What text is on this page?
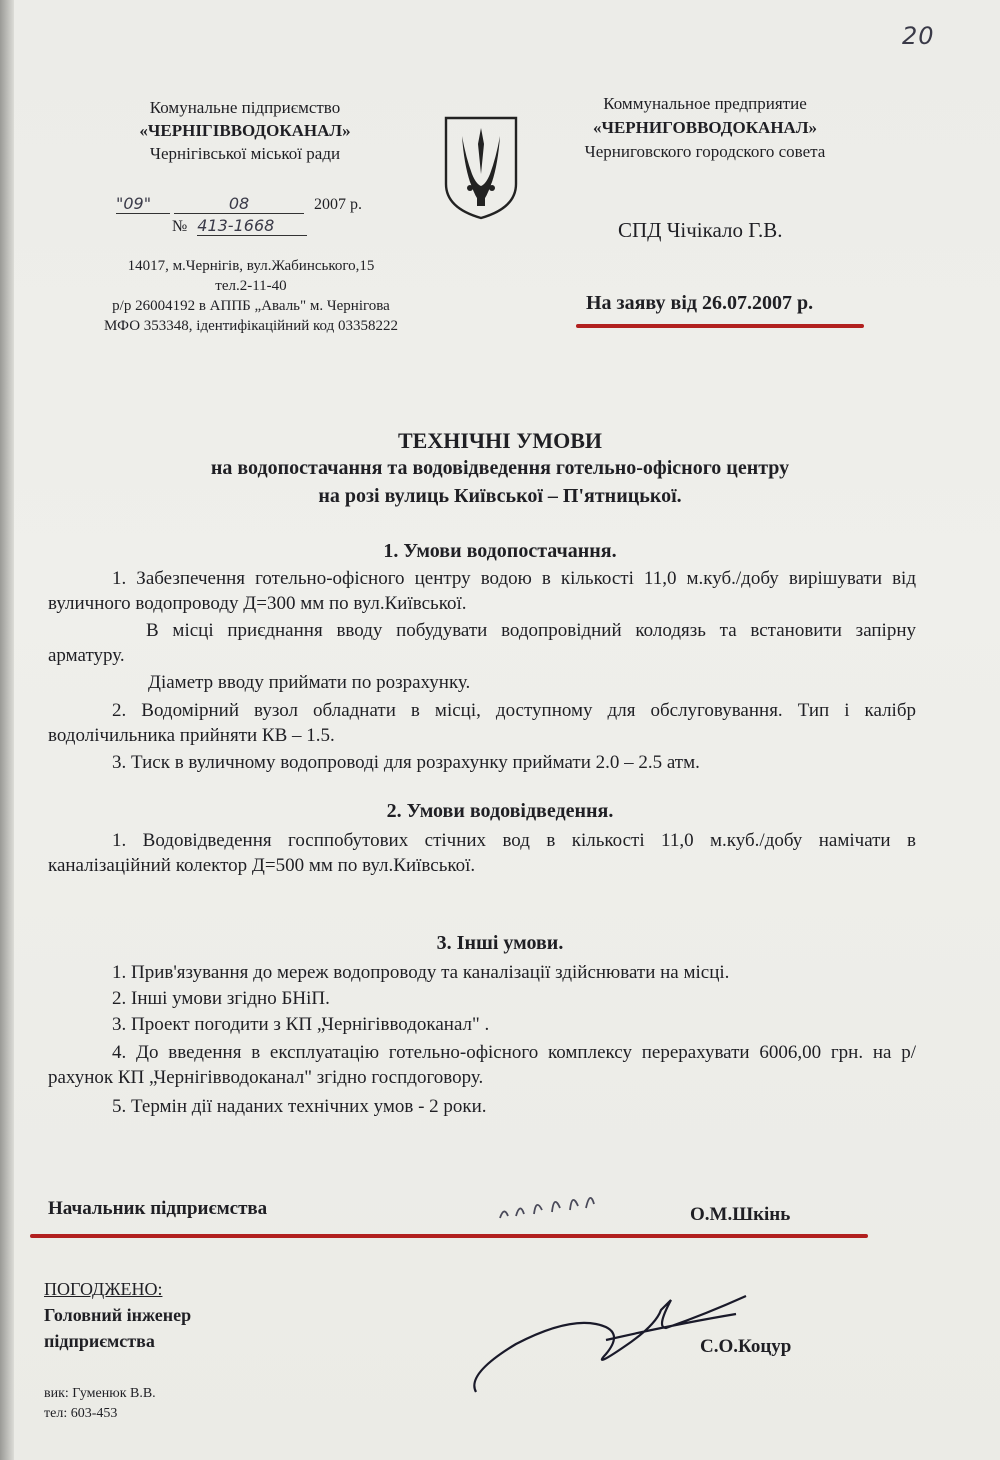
20
Комунальне підприємство
«ЧЕРНІГІВВОДОКАНАЛ»
Чернігівської міської ради
Коммунальное предприятие
«ЧЕРНИГОВВОДОКАНАЛ»
Черниговского городского совета
"09"	08	2007 р.
№ 413-1668
14017, м.Чернігів, вул.Жабинського,15
тел.2-11-40
р/р 26004192 в АППБ „Аваль" м. Чернігова
МФО 353348, ідентифікаційний код 03358222
СПД Чічікало Г.В.
На заяву від 26.07.2007 р.
ТЕХНІЧНІ УМОВИ
на водопостачання та водовідведення готельно-офісного центру
на розі вулиць Київської – П'ятницької.
1. Умови водопостачання.
1. Забезпечення готельно-офісного центру водою в кількості 11,0 м.куб./добу вирішувати від вуличного водопроводу Д=300 мм по вул.Київської.
В місці приєднання вводу побудувати водопровідний колодязь та встановити запірну арматуру.
Діаметр вводу приймати по розрахунку.
2. Водомірний вузол обладнати в місці, доступному для обслуговування. Тип і калібр водолічильника прийняти КВ – 1.5.
3. Тиск в вуличному водопроводі для розрахунку приймати 2.0 – 2.5 атм.
2. Умови водовідведення.
1. Водовідведення госппобутових стічних вод в кількості 11,0 м.куб./добу намічати в каналізаційний колектор Д=500 мм по вул.Київської.
3. Інші умови.
1. Прив'язування до мереж водопроводу та каналізації здійснювати на місці.
2. Інші умови згідно БНіП.
3. Проект погодити з КП „Чернігівводоканал" .
4. До введення в експлуатацію готельно-офісного комплексу перерахувати 6006,00 грн. на р/рахунок КП „Чернігівводоканал" згідно госпдоговору.
5. Термін дії наданих технічних умов - 2 роки.
Начальник підприємства	О.М.Шкінь
ПОГОДЖЕНО:
Головний інженер
підприємства	С.О.Коцур
вик: Гуменюк В.В.
тел: 603-453
